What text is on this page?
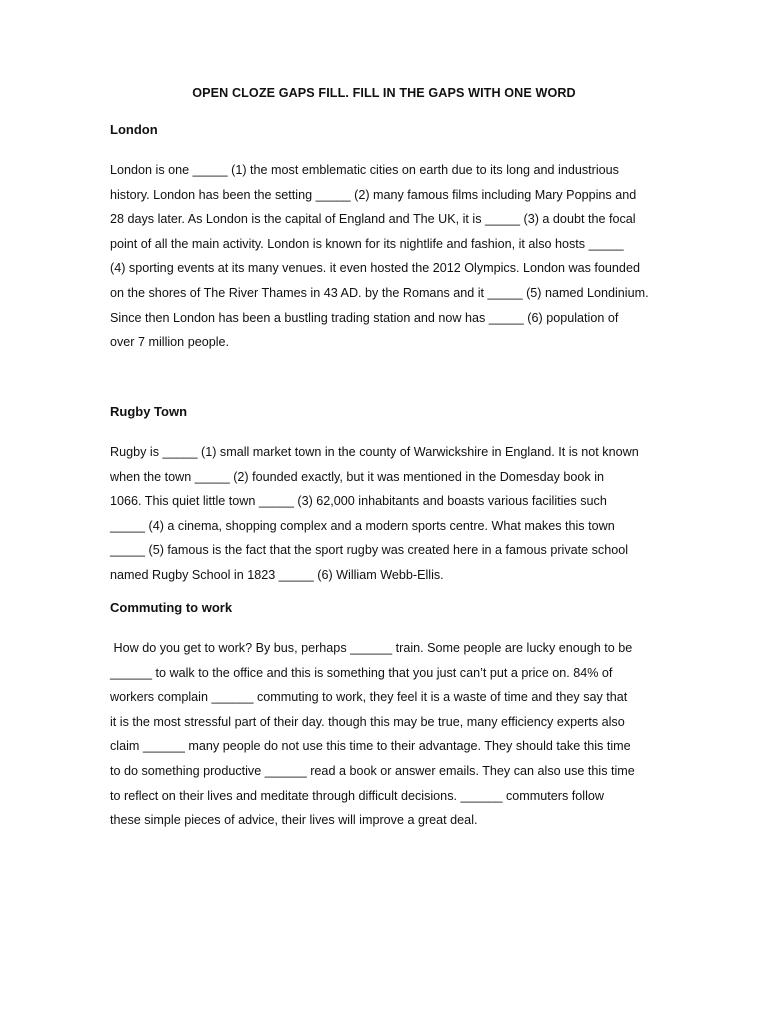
OPEN CLOZE GAPS FILL. FILL IN THE GAPS WITH ONE WORD
London

London is one _____ (1) the most emblematic cities on earth due to its long and industrious
history. London has been the setting _____ (2) many famous films including Mary Poppins and
28 days later. As London is the capital of England and The UK, it is _____ (3) a doubt the focal
point of all the main activity. London is known for its nightlife and fashion, it also hosts _____
(4) sporting events at its many venues. it even hosted the 2012 Olympics. London was founded
on the shores of The River Thames in 43 AD. by the Romans and it _____ (5) named Londinium.
Since then London has been a bustling trading station and now has _____ (6) population of
over 7 million people.

Rugby Town

Rugby is _____ (1) small market town in the county of Warwickshire in England. It is not known
when the town _____ (2) founded exactly, but it was mentioned in the Domesday book in
1066. This quiet little town _____ (3) 62,000 inhabitants and boasts various facilities such
_____ (4) a cinema, shopping complex and a modern sports centre. What makes this town
_____ (5) famous is the fact that the sport rugby was created here in a famous private school
named Rugby School in 1823 _____ (6) William Webb-Ellis.

Commuting to work

How do you get to work? By bus, perhaps ______ train. Some people are lucky enough to be
______ to walk to the office and this is something that you just can’t put a price on. 84% of
workers complain ______ commuting to work, they feel it is a waste of time and they say that
it is the most stressful part of their day. though this may be true, many efficiency experts also
claim ______ many people do not use this time to their advantage. They should take this time
to do something productive ______ read a book or answer emails. They can also use this time
to reflect on their lives and meditate through difficult decisions. ______ commuters follow
these simple pieces of advice, their lives will improve a great deal.
